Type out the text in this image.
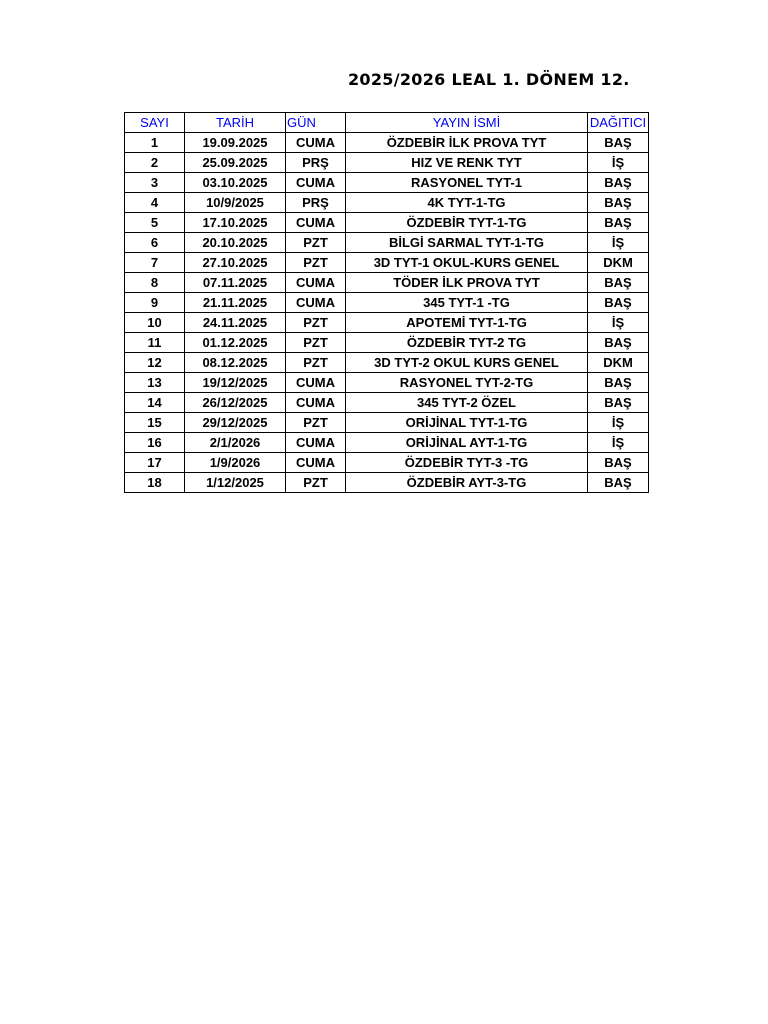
2025/2026 LEAL 1. DÖNEM 12.
SAYI	TARİH	GÜN	YAYIN İSMİ	DAĞITICI
1	19.09.2025	CUMA	ÖZDEBİR İLK PROVA TYT	BAŞ
2	25.09.2025	PRŞ	HIZ VE RENK TYT	İŞ
3	03.10.2025	CUMA	RASYONEL TYT-1	BAŞ
4	10/9/2025	PRŞ	4K TYT-1-TG	BAŞ
5	17.10.2025	CUMA	ÖZDEBİR TYT-1-TG	BAŞ
6	20.10.2025	PZT	BİLGİ SARMAL TYT-1-TG	İŞ
7	27.10.2025	PZT	3D TYT-1 OKUL-KURS GENEL	DKM
8	07.11.2025	CUMA	TÖDER İLK PROVA TYT	BAŞ
9	21.11.2025	CUMA	345 TYT-1 -TG	BAŞ
10	24.11.2025	PZT	APOTEMİ TYT-1-TG	İŞ
11	01.12.2025	PZT	ÖZDEBİR TYT-2 TG	BAŞ
12	08.12.2025	PZT	3D TYT-2 OKUL KURS GENEL	DKM
13	19/12/2025	CUMA	RASYONEL TYT-2-TG	BAŞ
14	26/12/2025	CUMA	345 TYT-2 ÖZEL	BAŞ
15	29/12/2025	PZT	ORİJİNAL TYT-1-TG	İŞ
16	2/1/2026	CUMA	ORİJİNAL AYT-1-TG	İŞ
17	1/9/2026	CUMA	ÖZDEBİR TYT-3 -TG	BAŞ
18	1/12/2025	PZT	ÖZDEBİR AYT-3-TG	BAŞ
